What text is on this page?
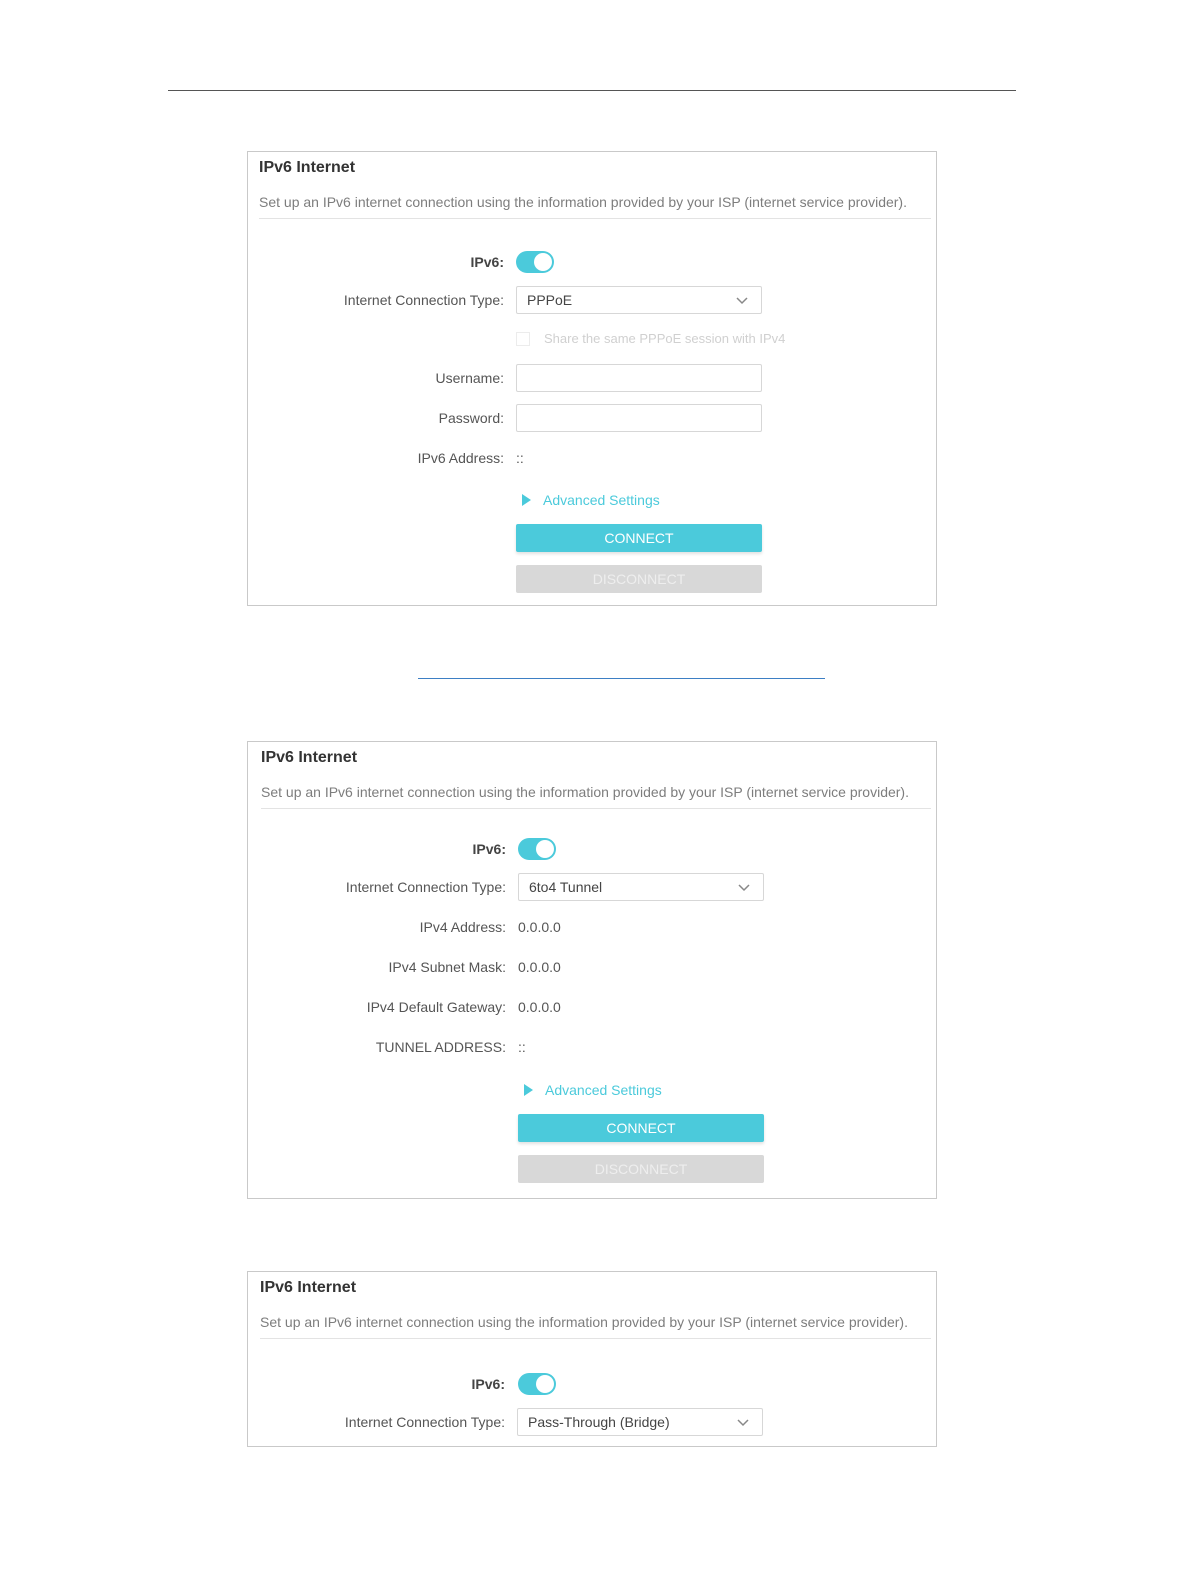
IPv6 Internet
Set up an IPv6 internet connection using the information provided by your ISP (internet service provider).
IPv6:
Internet Connection Type: PPPoE
Share the same PPPoE session with IPv4
Username:
Password:
IPv6 Address: ::
Advanced Settings
CONNECT
DISCONNECT
IPv6 Internet
Set up an IPv6 internet connection using the information provided by your ISP (internet service provider).
IPv6:
Internet Connection Type: 6to4 Tunnel
IPv4 Address: 0.0.0.0
IPv4 Subnet Mask: 0.0.0.0
IPv4 Default Gateway: 0.0.0.0
TUNNEL ADDRESS: ::
Advanced Settings
CONNECT
DISCONNECT
IPv6 Internet
Set up an IPv6 internet connection using the information provided by your ISP (internet service provider).
IPv6:
Internet Connection Type: Pass-Through (Bridge)
